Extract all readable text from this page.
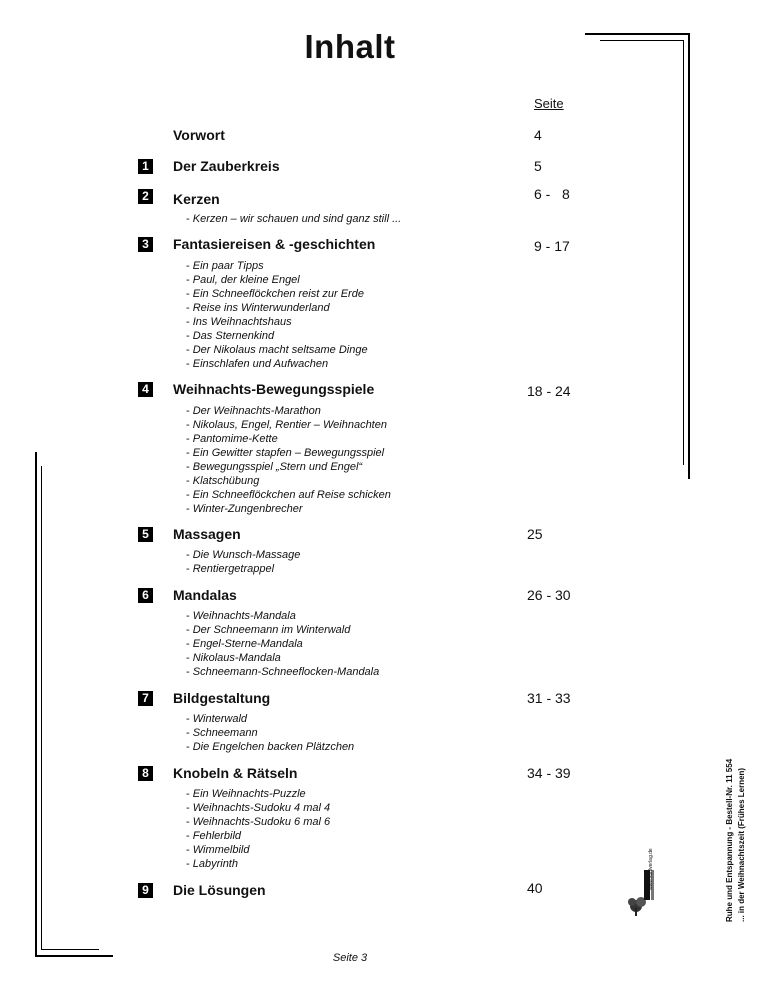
Inhalt
Seite
Vorwort	4
1 Der Zauberkreis	5
2 Kerzen	6 -   8
- Kerzen – wir schauen und sind ganz still ...
3 Fantasiereisen & -geschichten	9 - 17
- Ein paar Tipps
- Paul, der kleine Engel
- Ein Schneeflöckchen reist zur Erde
- Reise ins Winterwunderland
- Ins Weihnachtshaus
- Das Sternenkind
- Der Nikolaus macht seltsame Dinge
- Einschlafen und Aufwachen
4 Weihnachts-Bewegungsspiele	18 - 24
- Der Weihnachts-Marathon
- Nikolaus, Engel, Rentier – Weihnachten
- Pantomime-Kette
- Ein Gewitter stapfen – Bewegungsspiel
- Bewegungsspiel „Stern und Engel“
- Klatschübung
- Ein Schneeflöckchen auf Reise schicken
- Winter-Zungenbrecher
5 Massagen	25
- Die Wunsch-Massage
- Rentiergetrappel
6 Mandalas	26 - 30
- Weihnachts-Mandala
- Der Schneemann im Winterwald
- Engel-Sterne-Mandala
- Nikolaus-Mandala
- Schneemann-Schneeflocken-Mandala
7 Bildgestaltung	31 - 33
- Winterwald
- Schneemann
- Die Engelchen backen Plätzchen
8 Knobeln & Rätseln	34 - 39
- Ein Weihnachts-Puzzle
- Weihnachts-Sudoku 4 mal 4
- Weihnachts-Sudoku 6 mal 6
- Fehlerbild
- Wimmelbild
- Labyrinth
9 Die Lösungen	40
Seite 3
Ruhe und Entspannung - Bestell-Nr. 11 554 ... in der Weihnachtszeit (Frühes Lernen)
www.kohlverlag.de
